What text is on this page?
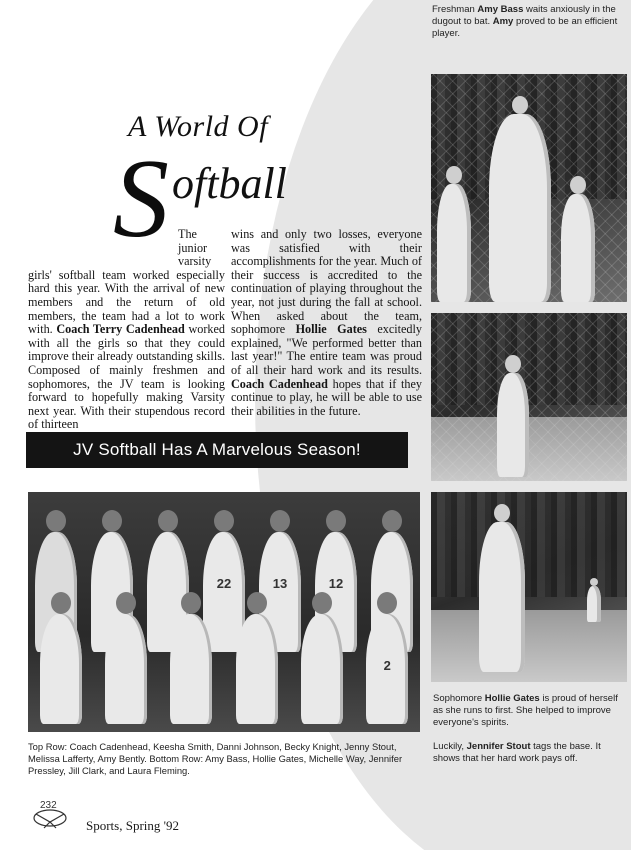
Freshman Amy Bass waits anxiously in the dugout to bat. Amy proved to be an efficient player.
Sophomore Hollie Gates is proud of herself as she runs to first. She helped to improve everyone's spirits.
Luckily, Jennifer Stout tags the base. It shows that her hard work pays off.
A World Of
S oftball
The junior varsity girls' softball team worked especially hard this year. With the arrival of new members and the return of old members, the team had a lot to work with. Coach Terry Cadenhead worked with all the girls so that they could improve their already outstanding skills. Composed of mainly freshmen and sophomores, the JV team is looking forward to hopefully making Varsity next year. With their stupendous record of thirteen
wins and only two losses, everyone was satisfied with their accomplishments for the year. Much of their success is accredited to the continuation of playing throughout the year, not just during the fall at school. When asked about the team, sophomore Hollie Gates excitedly explained, "We performed better than last year!" The entire team was proud of all their hard work and its results. Coach Cadenhead hopes that if they continue to play, he will be able to use their abilities in the future.
JV Softball Has A Marvelous Season!
22	13	12
2
Top Row: Coach Cadenhead, Keesha Smith, Danni Johnson, Becky Knight, Jenny Stout, Melissa Lafferty, Amy Bently. Bottom Row: Amy Bass, Hollie Gates, Michelle Way, Jennifer Pressley, Jill Clark, and Laura Fleming.
232
Sports, Spring '92
